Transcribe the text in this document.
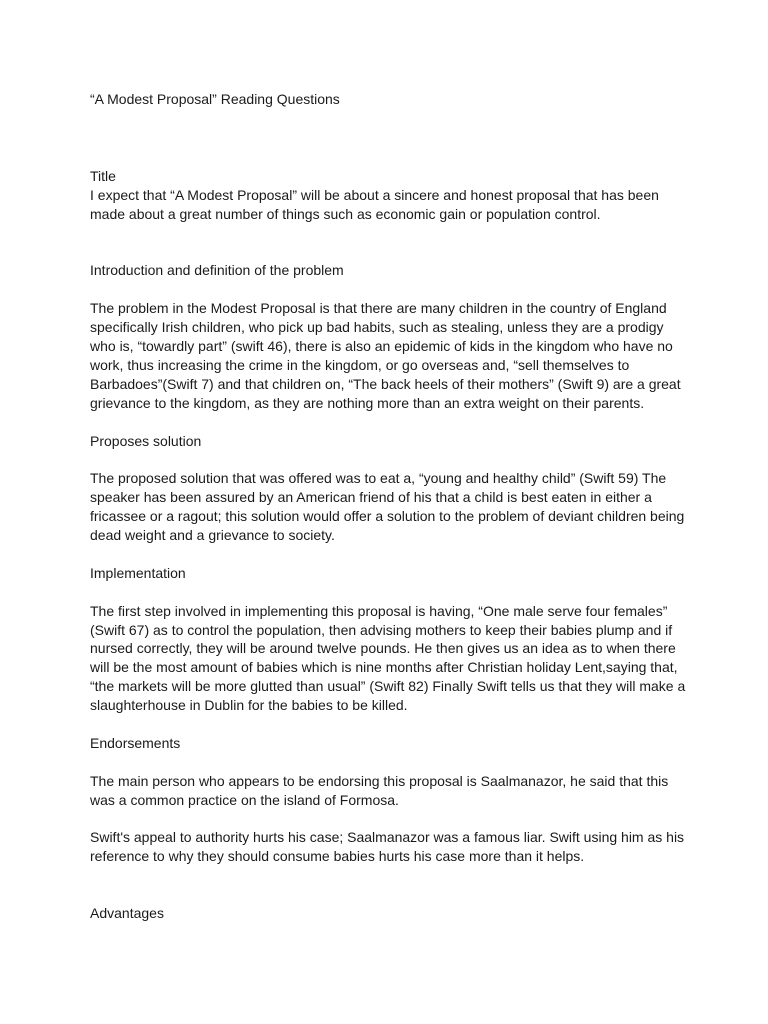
“A Modest Proposal” Reading Questions

Title

I expect that “A Modest Proposal” will be about a sincere and honest proposal that has been made about a great number of things such as economic gain or population control.

Introduction and definition of the problem

The problem in the Modest Proposal is that there are many children in the country of England specifically Irish children, who pick up bad habits, such as stealing, unless they are a prodigy who is, “towardly part” (swift 46), there is also an epidemic of kids in the kingdom who have no work, thus increasing the crime in the kingdom, or go overseas and, “sell themselves to Barbadoes”(Swift 7) and that children on, “The back heels of their mothers” (Swift 9) are a great grievance to the kingdom, as they are nothing more than an extra weight on their parents.

Proposes solution

The proposed solution that was offered was to eat a, “young and healthy child” (Swift 59) The speaker has been assured by an American friend of his that a child is best eaten in either a fricassee or a ragout; this solution would offer a solution to the problem of deviant children being dead weight and a grievance to society.

Implementation

The first step involved in implementing this proposal is having, “One male serve four females” (Swift 67) as to control the population, then advising mothers to keep their babies plump and if nursed correctly, they will be around twelve pounds. He then gives us an idea as to when there will be the most amount of babies which is nine months after Christian holiday Lent,saying that, “the markets will be more glutted than usual” (Swift 82) Finally Swift tells us that they will make a slaughterhouse in Dublin for the babies to be killed.

Endorsements

The main person who appears to be endorsing this proposal is Saalmanazor, he said that this was a common practice on the island of Formosa.

Swift's appeal to authority hurts his case; Saalmanazor was a famous liar. Swift using him as his reference to why they should consume babies hurts his case more than it helps.

Advantages
